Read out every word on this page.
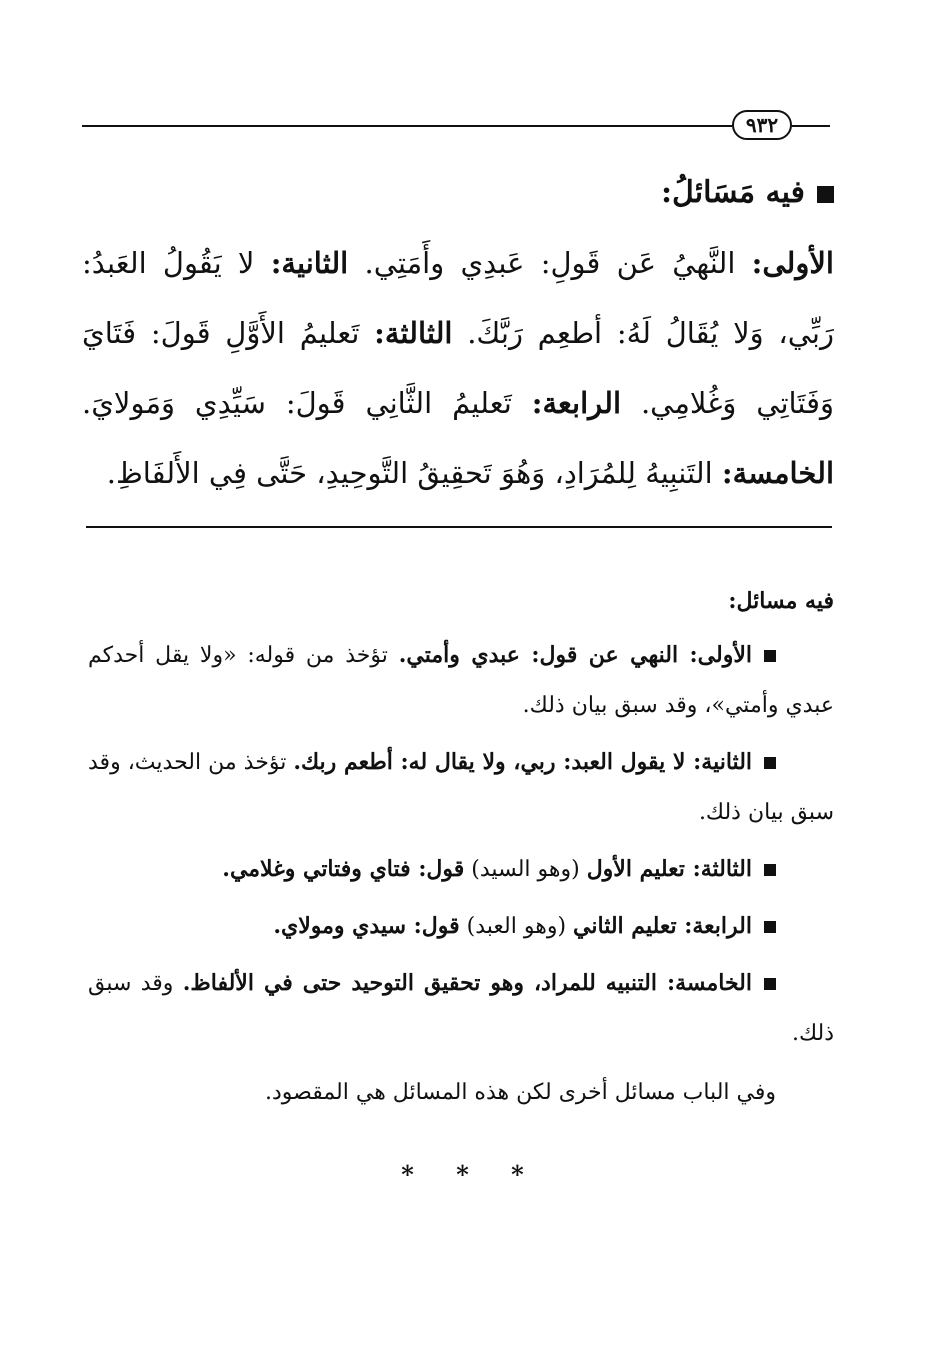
٩٣٢

فيه مَسَائلُ:

الأولى: النَّهيُ عَن قَولِ: عَبدِي وأَمَتِي. الثانية: لا يَقُولُ العَبدُ: رَبِّي، وَلا يُقَالُ لَهُ: أطعِم رَبَّكَ. الثالثة: تَعليمُ الأَوَّلِ قَولَ: فَتَايَ وَفَتَاتِي وَغُلامِي. الرابعة: تَعليمُ الثَّانِي قَولَ: سَيِّدِي وَمَولايَ. الخامسة: التَنبِيهُ لِلمُرَادِ، وَهُوَ تَحقِيقُ التَّوحِيدِ، حَتَّى فِي الأَلفَاظِ.

فيه مسائل:

الأولى: النهي عن قول: عبدي وأمتي. تؤخذ من قوله: «ولا يقل أحدكم عبدي وأمتي»، وقد سبق بيان ذلك.

الثانية: لا يقول العبد: ربي، ولا يقال له: أطعم ربك. تؤخذ من الحديث، وقد سبق بيان ذلك.

الثالثة: تعليم الأول (وهو السيد) قول: فتاي وفتاتي وغلامي.

الرابعة: تعليم الثاني (وهو العبد) قول: سيدي ومولاي.

الخامسة: التنبيه للمراد، وهو تحقيق التوحيد حتى في الألفاظ. وقد سبق ذلك.

وفي الباب مسائل أخرى لكن هذه المسائل هي المقصود.

* * *
